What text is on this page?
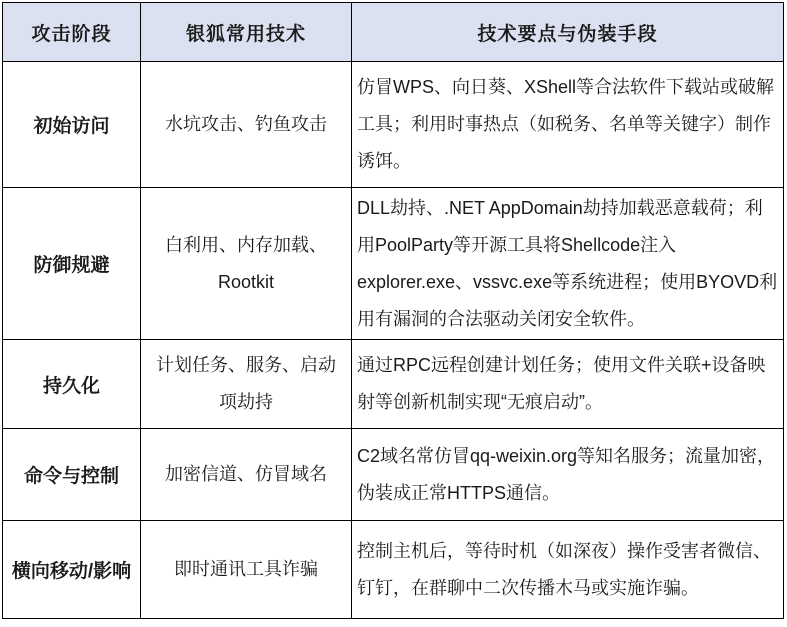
攻击阶段	银狐常用技术	技术要点与伪装手段
初始访问	水坑攻击、钓鱼攻击	仿冒WPS、向日葵、XShell等合法软件下载站或破解工具；利用时事热点（如税务、名单等关键字）制作诱饵。
防御规避	白利用、内存加载、Rootkit	DLL劫持、.NET AppDomain劫持加载恶意载荷；利用PoolParty等开源工具将Shellcode注入explorer.exe、vssvc.exe等系统进程；使用BYOVD利用有漏洞的合法驱动关闭安全软件。
持久化	计划任务、服务、启动项劫持	通过RPC远程创建计划任务；使用文件关联+设备映射等创新机制实现“无痕启动”。
命令与控制	加密信道、仿冒域名	C2域名常仿冒qq-weixin.org等知名服务；流量加密，伪装成正常HTTPS通信。
横向移动/影响	即时通讯工具诈骗	控制主机后，等待时机（如深夜）操作受害者微信、钉钉，在群聊中二次传播木马或实施诈骗。
